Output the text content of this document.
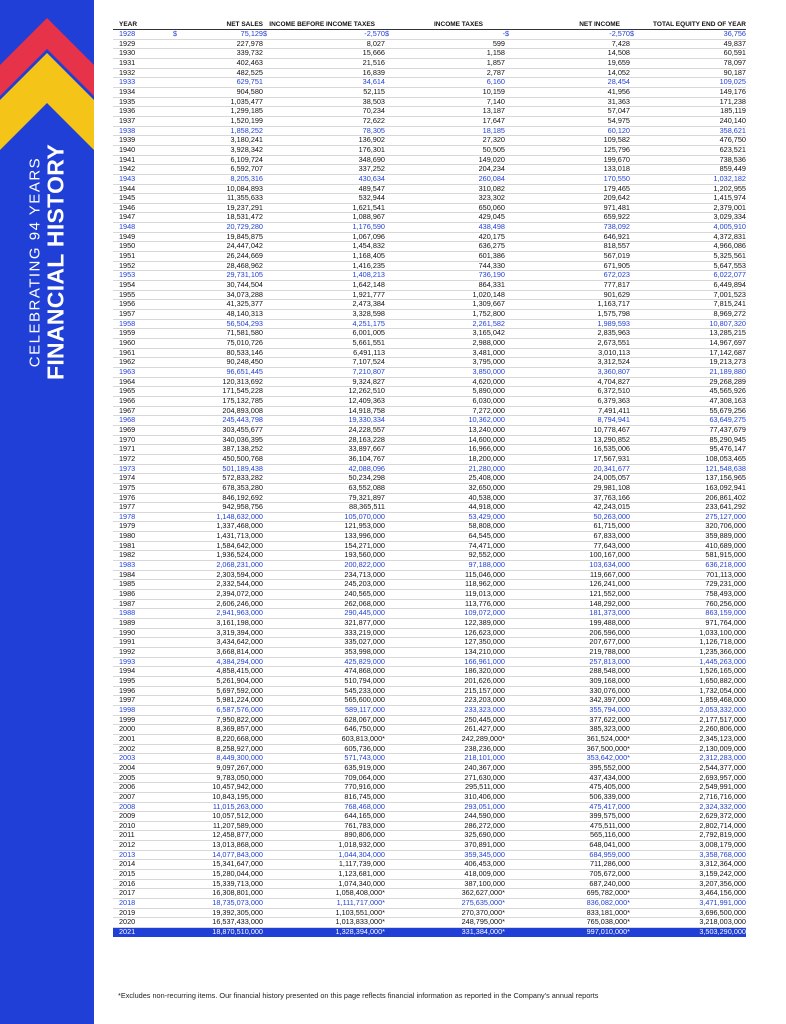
CELEBRATING 94 YEARS FINANCIAL HISTORY
YEAR	NET SALES	INCOME BEFORE INCOME TAXES	INCOME TAXES	NET INCOME	TOTAL EQUITY END OF YEAR
1928	$ 75,129	$ -2,570	$ -	$ -2,570	$ 36,756
1929	227,978	8,027	599	7,428	49,837
1930	339,732	15,666	1,158	14,508	60,591
1931	402,463	21,516	1,857	19,659	78,097
1932	482,525	16,839	2,787	14,052	90,187
1933	629,751	34,614	6,160	28,454	109,025
1934	904,580	52,115	10,159	41,956	149,176
1935	1,035,477	38,503	7,140	31,363	171,238
1936	1,299,185	70,234	13,187	57,047	185,119
1937	1,520,199	72,622	17,647	54,975	240,140
1938	1,858,252	78,305	18,185	60,120	358,621
1939	3,180,241	136,902	27,320	109,582	476,750
1940	3,928,342	176,301	50,505	125,796	623,521
1941	6,109,724	348,690	149,020	199,670	738,536
1942	6,592,707	337,252	204,234	133,018	859,449
1943	8,205,316	430,634	260,084	170,550	1,032,182
1944	10,084,893	489,547	310,082	179,465	1,202,955
1945	11,355,633	532,944	323,302	209,642	1,415,974
1946	19,237,291	1,621,541	650,060	971,481	2,379,001
1947	18,531,472	1,088,967	429,045	659,922	3,029,334
1948	20,729,280	1,176,590	438,498	738,092	4,005,910
1949	19,845,875	1,067,096	420,175	646,921	4,372,831
1950	24,447,042	1,454,832	636,275	818,557	4,966,086
1951	26,244,669	1,168,405	601,386	567,019	5,325,561
1952	28,468,962	1,416,235	744,330	671,905	5,647,553
1953	29,731,105	1,408,213	736,190	672,023	6,022,077
1954	30,744,504	1,642,148	864,331	777,817	6,449,894
1955	34,073,288	1,921,777	1,020,148	901,629	7,001,523
1956	41,325,377	2,473,384	1,309,667	1,163,717	7,815,241
1957	48,140,313	3,328,598	1,752,800	1,575,798	8,969,272
1958	56,504,293	4,251,175	2,261,582	1,989,593	10,807,320
1959	71,581,580	6,001,005	3,165,042	2,835,963	13,285,215
1960	75,010,726	5,661,551	2,988,000	2,673,551	14,967,697
1961	80,533,146	6,491,113	3,481,000	3,010,113	17,142,687
1962	90,248,450	7,107,524	3,795,000	3,312,524	19,213,273
1963	96,651,445	7,210,807	3,850,000	3,360,807	21,189,880
1964	120,313,692	9,324,827	4,620,000	4,704,827	29,268,289
1965	171,545,228	12,262,510	5,890,000	6,372,510	45,565,926
1966	175,132,785	12,409,363	6,030,000	6,379,363	47,308,163
1967	204,893,008	14,918,758	7,272,000	7,491,411	55,679,256
1968	245,443,798	19,330,334	10,362,000	8,794,941	63,649,275
1969	303,455,677	24,228,557	13,240,000	10,778,467	77,437,679
1970	340,036,395	28,163,228	14,600,000	13,290,852	85,290,945
1971	387,138,252	33,897,667	16,966,000	16,535,006	95,476,147
1972	450,500,768	36,104,767	18,200,000	17,567,931	108,053,465
1973	501,189,438	42,088,096	21,280,000	20,341,677	121,548,638
1974	572,833,282	50,234,298	25,408,000	24,005,057	137,156,965
1975	678,353,280	63,552,088	32,650,000	29,981,108	163,092,941
1976	846,192,692	79,321,897	40,538,000	37,763,166	206,861,402
1977	942,958,756	88,365,511	44,918,000	42,243,015	233,641,292
1978	1,148,632,000	105,070,000	53,429,000	50,263,000	275,127,000
1979	1,337,468,000	121,953,000	58,808,000	61,715,000	320,706,000
1980	1,431,713,000	133,996,000	64,545,000	67,833,000	359,889,000
1981	1,584,642,000	154,271,000	74,471,000	77,643,000	410,689,000
1982	1,936,524,000	193,560,000	92,552,000	100,167,000	581,915,000
1983	2,068,231,000	200,822,000	97,188,000	103,634,000	636,218,000
1984	2,303,594,000	234,713,000	115,046,000	119,667,000	701,113,000
1985	2,332,544,000	245,203,000	118,962,000	126,241,000	729,231,000
1986	2,394,072,000	240,565,000	119,013,000	121,552,000	758,493,000
1987	2,606,246,000	262,068,000	113,776,000	148,292,000	760,256,000
1988	2,941,963,000	290,445,000	109,072,000	181,373,000	863,159,000
1989	3,161,198,000	321,877,000	122,389,000	199,488,000	971,764,000
1990	3,319,394,000	333,219,000	126,623,000	206,596,000	1,033,100,000
1991	3,434,642,000	335,027,000	127,350,000	207,677,000	1,126,718,000
1992	3,668,814,000	353,998,000	134,210,000	219,788,000	1,235,366,000
1993	4,384,294,000	425,829,000	166,961,000	257,813,000	1,445,263,000
1994	4,858,415,000	474,868,000	186,320,000	288,548,000	1,526,165,000
1995	5,261,904,000	510,794,000	201,626,000	309,168,000	1,650,882,000
1996	5,697,592,000	545,233,000	215,157,000	330,076,000	1,732,054,000
1997	5,981,224,000	565,600,000	223,203,000	342,397,000	1,859,468,000
1998	6,587,576,000	589,117,000	233,323,000	355,794,000	2,053,332,000
1999	7,950,822,000	628,067,000	250,445,000	377,622,000	2,177,517,000
2000	8,369,857,000	646,750,000	261,427,000	385,323,000	2,260,806,000
2001	8,220,668,000	603,813,000*	242,289,000*	361,524,000*	2,345,123,000
2002	8,258,927,000	605,736,000	238,236,000	367,500,000*	2,130,009,000
2003	8,449,300,000	571,743,000	218,101,000	353,642,000*	2,312,283,000
2004	9,097,267,000	635,919,000	240,367,000	395,552,000	2,544,377,000
2005	9,783,050,000	709,064,000	271,630,000	437,434,000	2,693,957,000
2006	10,457,942,000	770,916,000	295,511,000	475,405,000	2,549,991,000
2007	10,843,195,000	816,745,000	310,406,000	506,339,000	2,716,716,000
2008	11,015,263,000	768,468,000	293,051,000	475,417,000	2,324,332,000
2009	10,057,512,000	644,165,000	244,590,000	399,575,000	2,629,372,000
2010	11,207,589,000	761,783,000	286,272,000	475,511,000	2,802,714,000
2011	12,458,877,000	890,806,000	325,690,000	565,116,000	2,792,819,000
2012	13,013,868,000	1,018,932,000	370,891,000	648,041,000	3,008,179,000
2013	14,077,843,000	1,044,304,000	359,345,000	684,959,000	3,358,768,000
2014	15,341,647,000	1,117,739,000	406,453,000	711,286,000	3,312,364,000
2015	15,280,044,000	1,123,681,000	418,009,000	705,672,000	3,159,242,000
2016	15,339,713,000	1,074,340,000	387,100,000	687,240,000	3,207,356,000
2017	16,308,801,000	1,058,408,000*	362,627,000*	695,782,000*	3,464,156,000
2018	18,735,073,000	1,111,717,000*	275,635,000*	836,082,000*	3,471,991,000
2019	19,392,305,000	1,103,551,000*	270,370,000*	833,181,000*	3,696,500,000
2020	16,537,433,000	1,013,833,000*	248,795,000*	765,038,000*	3,218,003,000
2021	18,870,510,000	1,328,394,000*	331,384,000*	997,010,000*	3,503,290,000
*Excludes non-recurring items. Our financial history presented on this page reflects financial information as reported in the Company's annual reports
